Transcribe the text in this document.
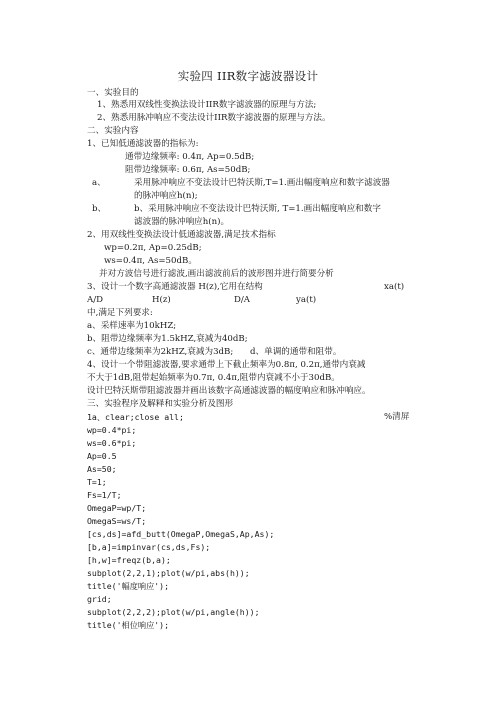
实验四 IIR数字滤波器设计
一、实验目的
1、熟悉用双线性变换法设计IIR数字滤波器的原理与方法;
2、熟悉用脉冲响应不变法设计IIR数字滤波器的原理与方法。
二、实验内容
1、已知低通滤波器的指标为:
通带边缘频率: 0.4π, Ap=0.5dB;
阻带边缘频率: 0.6π, As=50dB;
a、	采用脉冲响应不变法设计巴特沃斯,T=1.画出幅度响应和数字滤波器
的脉冲响应h(n);
b、	b、采用脉冲响应不变法设计巴特沃斯, T=1.画出幅度响应和数字
滤波器的脉冲响应h(n)。
2、用双线性变换法设计低通滤波器,满足技术指标
wp=0.2π, Ap=0.25dB;
ws=0.4π, As=50dB。
并对方波信号进行滤波,画出滤波前后的波形图并进行简要分析
3、设计一个数字高通滤波器 H(z),它用在结构	xa(t)
A/D	H(z)	D/A	ya(t)
中,满足下列要求:
a、采样速率为10kHZ;
b、阻带边缘频率为1.5kHZ,衰减为40dB;
c、通带边缘频率为2kHZ,衰减为3dB; d、单调的通带和阻带。
4、设计一个带阻滤波器,要求通带上下截止频率为0.8π, 0.2π,通带内衰减
不大于1dB,阻带起始频率为0.7π, 0.4π,阻带内衰减不小于30dB。
设计巴特沃斯带阻滤波器并画出该数字高通滤波器的幅度响应和脉冲响应。
三、实验程序及解释和实验分析及图形
1a、clear;close all;	%清屏
wp=0.4*pi;
ws=0.6*pi;
Ap=0.5
As=50;
T=1;
Fs=1/T;
OmegaP=wp/T;
OmegaS=ws/T;
[cs,ds]=afd_butt(OmegaP,OmegaS,Ap,As);
[b,a]=impinvar(cs,ds,Fs);
[h,w]=freqz(b,a);
subplot(2,2,1);plot(w/pi,abs(h));
title('幅度响应');
grid;
subplot(2,2,2);plot(w/pi,angle(h));
title('相位响应');
